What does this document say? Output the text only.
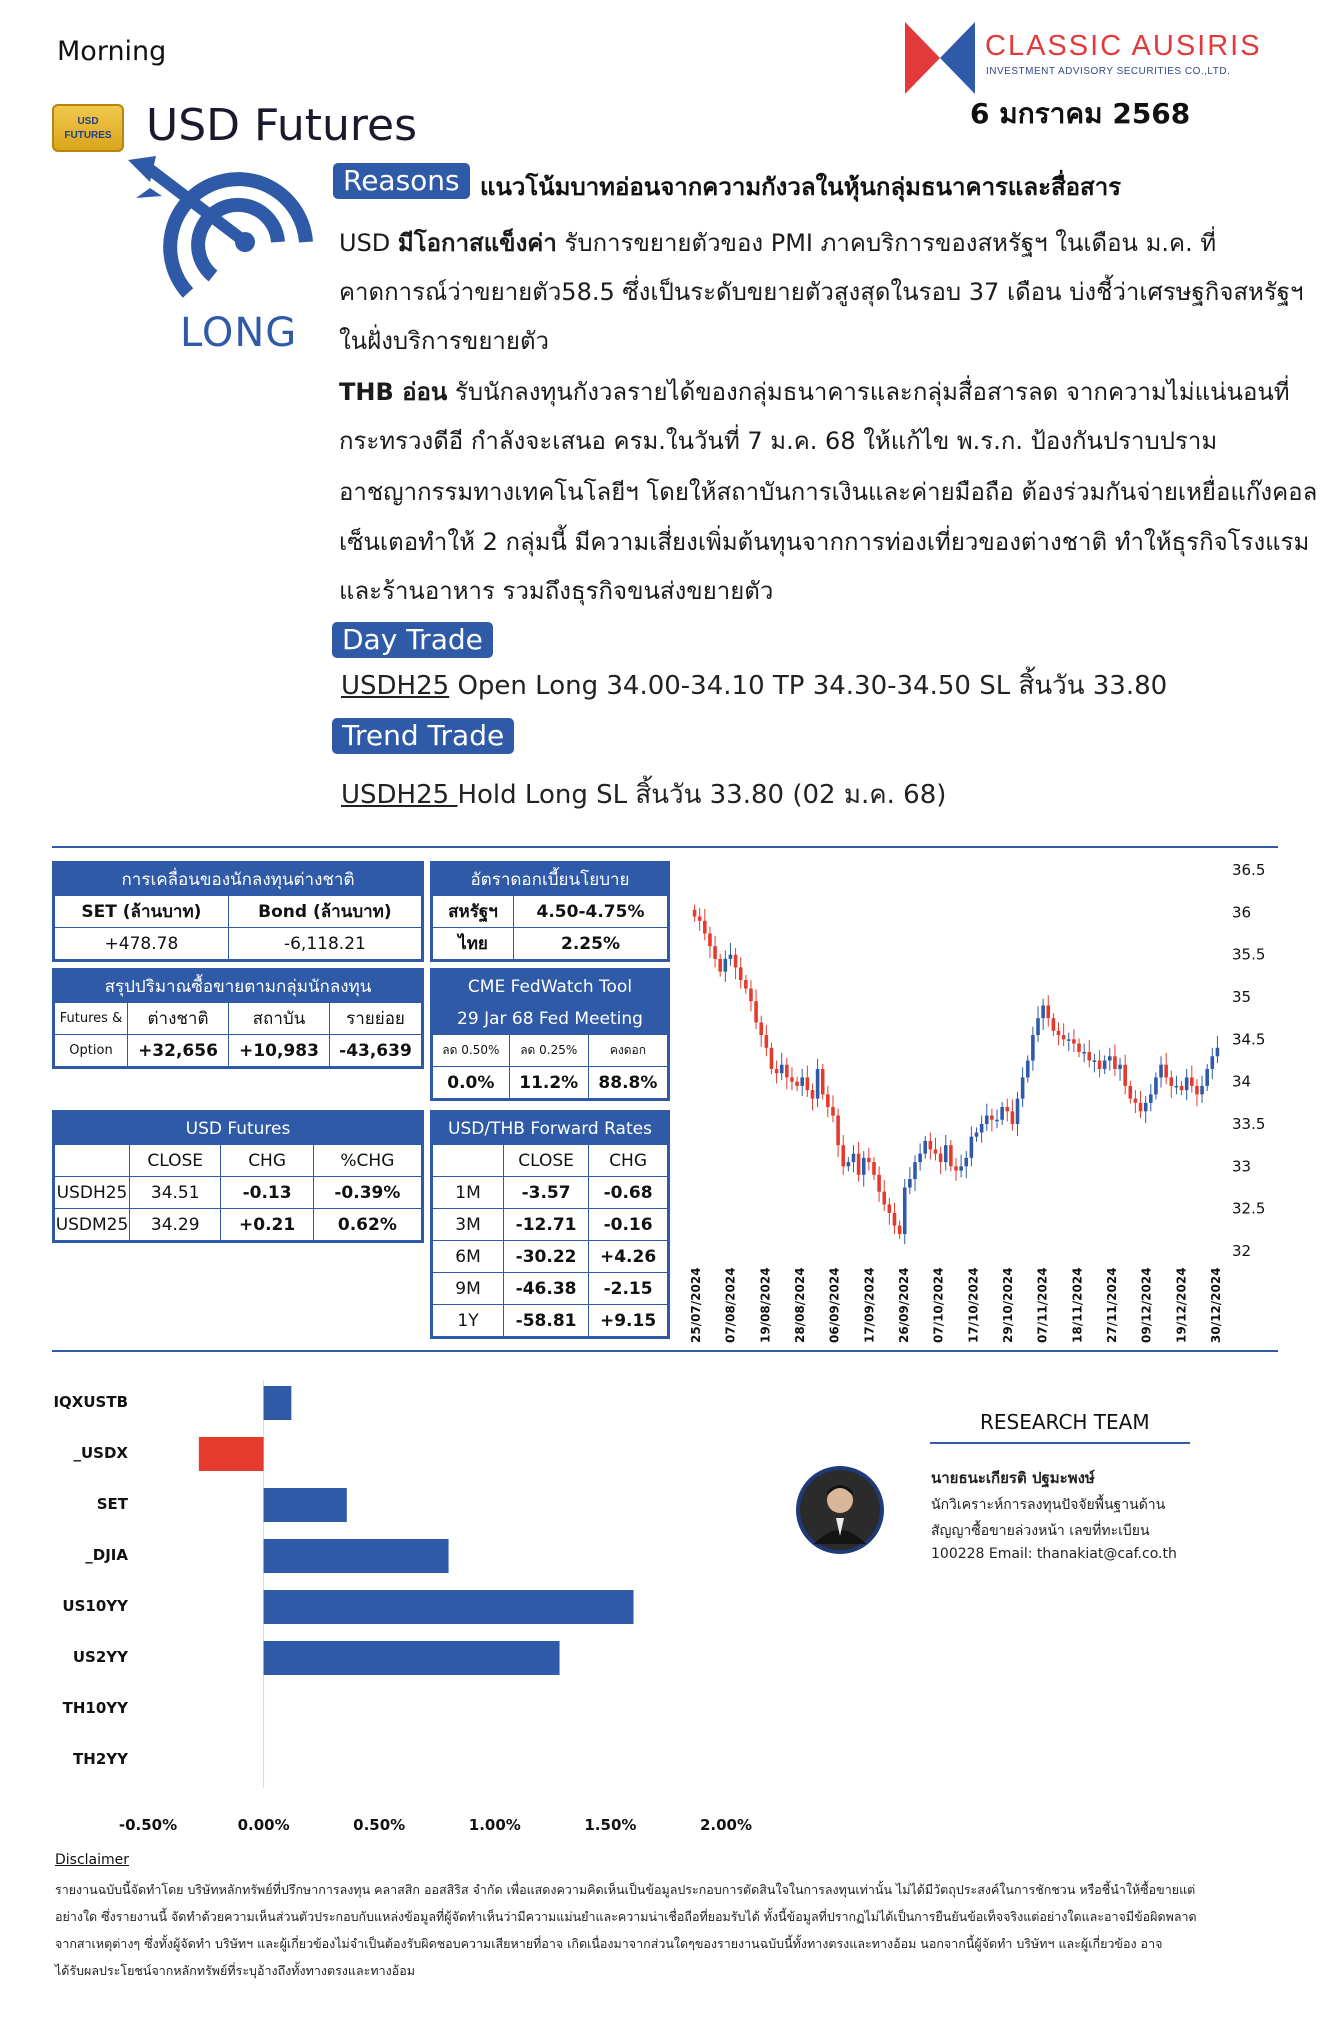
Morning	CLASSIC AUSIRIS
INVESTMENT ADVISORY SECURITIES CO.,LTD.
6 มกราคม 2568
USD FUTURES USD Futures
LONG
Reasons แนวโน้มบาทอ่อนจากความกังวลในหุ้นกลุ่มธนาคารและสื่อสาร
USD มีโอกาสแข็งค่า รับการขยายตัวของ PMI ภาคบริการของสหรัฐฯ ในเดือน ม.ค. ที่
คาดการณ์ว่าขยายตัว58.5 ซึ่งเป็นระดับขยายตัวสูงสุดในรอบ 37 เดือน บ่งชี้ว่าเศรษฐกิจสหรัฐฯ
ในฝั่งบริการขยายตัว
THB อ่อน รับนักลงทุนกังวลรายได้ของกลุ่มธนาคารและกลุ่มสื่อสารลด จากความไม่แน่นอนที่
กระทรวงดีอี กำลังจะเสนอ ครม.ในวันที่ 7 ม.ค. 68 ให้แก้ไข พ.ร.ก. ป้องกันปราบปราม
อาชญากรรมทางเทคโนโลยีฯ โดยให้สถาบันการเงินและค่ายมือถือ ต้องร่วมกันจ่ายเหยื่อแก๊งคอล
เซ็นเตอทำให้ 2 กลุ่มนี้ มีความเสี่ยงเพิ่มต้นทุนจากการท่องเที่ยวของต่างชาติ ทำให้ธุรกิจโรงแรม
และร้านอาหาร รวมถึงธุรกิจขนส่งขยายตัว
Day Trade
USDH25 Open Long 34.00-34.10 TP 34.30-34.50 SL สิ้นวัน 33.80
Trend Trade
USDH25 Hold Long SL สิ้นวัน 33.80 (02 ม.ค. 68)
การเคลื่อนของนักลงทุนต่างชาติ	
SET (ล้านบาท)	Bond (ล้านบาท)
+478.78	-6,118.21
สรุปปริมาณซื้อขายตามกลุ่มนักลงทุน			
Futures &	ต่างชาติ	สถาบัน	รายย่อย
Option	+32,656	+10,983	-43,639
USD Futures			
	CLOSE	CHG	%CHG
USDH25	34.51	-0.13	-0.39%
USDM25	34.29	+0.21	0.62%
อัตราดอกเบี้ยนโยบาย	
สหรัฐฯ	4.50-4.75%
ไทย	2.25%
CME FedWatch Tool		
29 Jar 68 Fed Meeting		
ลด 0.50%	ลด 0.25%	คงดอก
0.0%	11.2%	88.8%
USD/THB Forward Rates		
	CLOSE	CHG
1M	-3.57	-0.68
3M	-12.71	-0.16
6M	-30.22	+4.26
9M	-46.38	-2.15
1Y	-58.81	+9.15
36.5
36
35.5
35
34.5
34
33.5
33
32.5
32
25/07/2024 07/08/2024 19/08/2024 28/08/2024 06/09/2024 17/09/2024 26/09/2024 07/10/2024 17/10/2024 29/10/2024 07/11/2024 18/11/2024 27/11/2024 09/12/2024 19/12/2024 30/12/2024
IQXUSTB
_USDX
SET
_DJIA
US10YY
US2YY
TH10YY
TH2YY
-0.50%	0.00%	0.50%	1.00%	1.50%	2.00%
RESEARCH TEAM
นายธนะเกียรติ ปฐมะพงษ์
นักวิเคราะห์การลงทุนปัจจัยพื้นฐานด้าน
สัญญาซื้อขายล่วงหน้า เลขที่ทะเบียน
100228 Email: thanakiat@caf.co.th
Disclaimer
รายงานฉบับนี้จัดทำโดย บริษัทหลักทรัพย์ที่ปรึกษาการลงทุน คลาสสิก ออสสิริส จำกัด เพื่อแสดงความคิดเห็นเป็นข้อมูลประกอบการตัดสินใจในการลงทุนเท่านั้น ไม่ได้มีวัตถุประสงค์ในการชักชวน หรือชี้นำให้ซื้อขายแต่
อย่างใด ซึ่งรายงานนี้ จัดทำด้วยความเห็นส่วนตัวประกอบกับแหล่งข้อมูลที่ผู้จัดทำเห็นว่ามีความแม่นยำและความน่าเชื่อถือที่ยอมรับได้ ทั้งนี้ข้อมูลที่ปรากฏไม่ได้เป็นการยืนยันข้อเท็จจริงแต่อย่างใดและอาจมีข้อผิดพลาด
จากสาเหตุต่างๆ ซึ่งทั้งผู้จัดทำ บริษัทฯ และผู้เกี่ยวข้องไม่จำเป็นต้องรับผิดชอบความเสียหายที่อาจ เกิดเนื่องมาจากส่วนใดๆของรายงานฉบับนี้ทั้งทางตรงและทางอ้อม นอกจากนี้ผู้จัดทำ บริษัทฯ และผู้เกี่ยวข้อง อาจ
ได้รับผลประโยชน์จากหลักทรัพย์ที่ระบุอ้างถึงทั้งทางตรงและทางอ้อม
